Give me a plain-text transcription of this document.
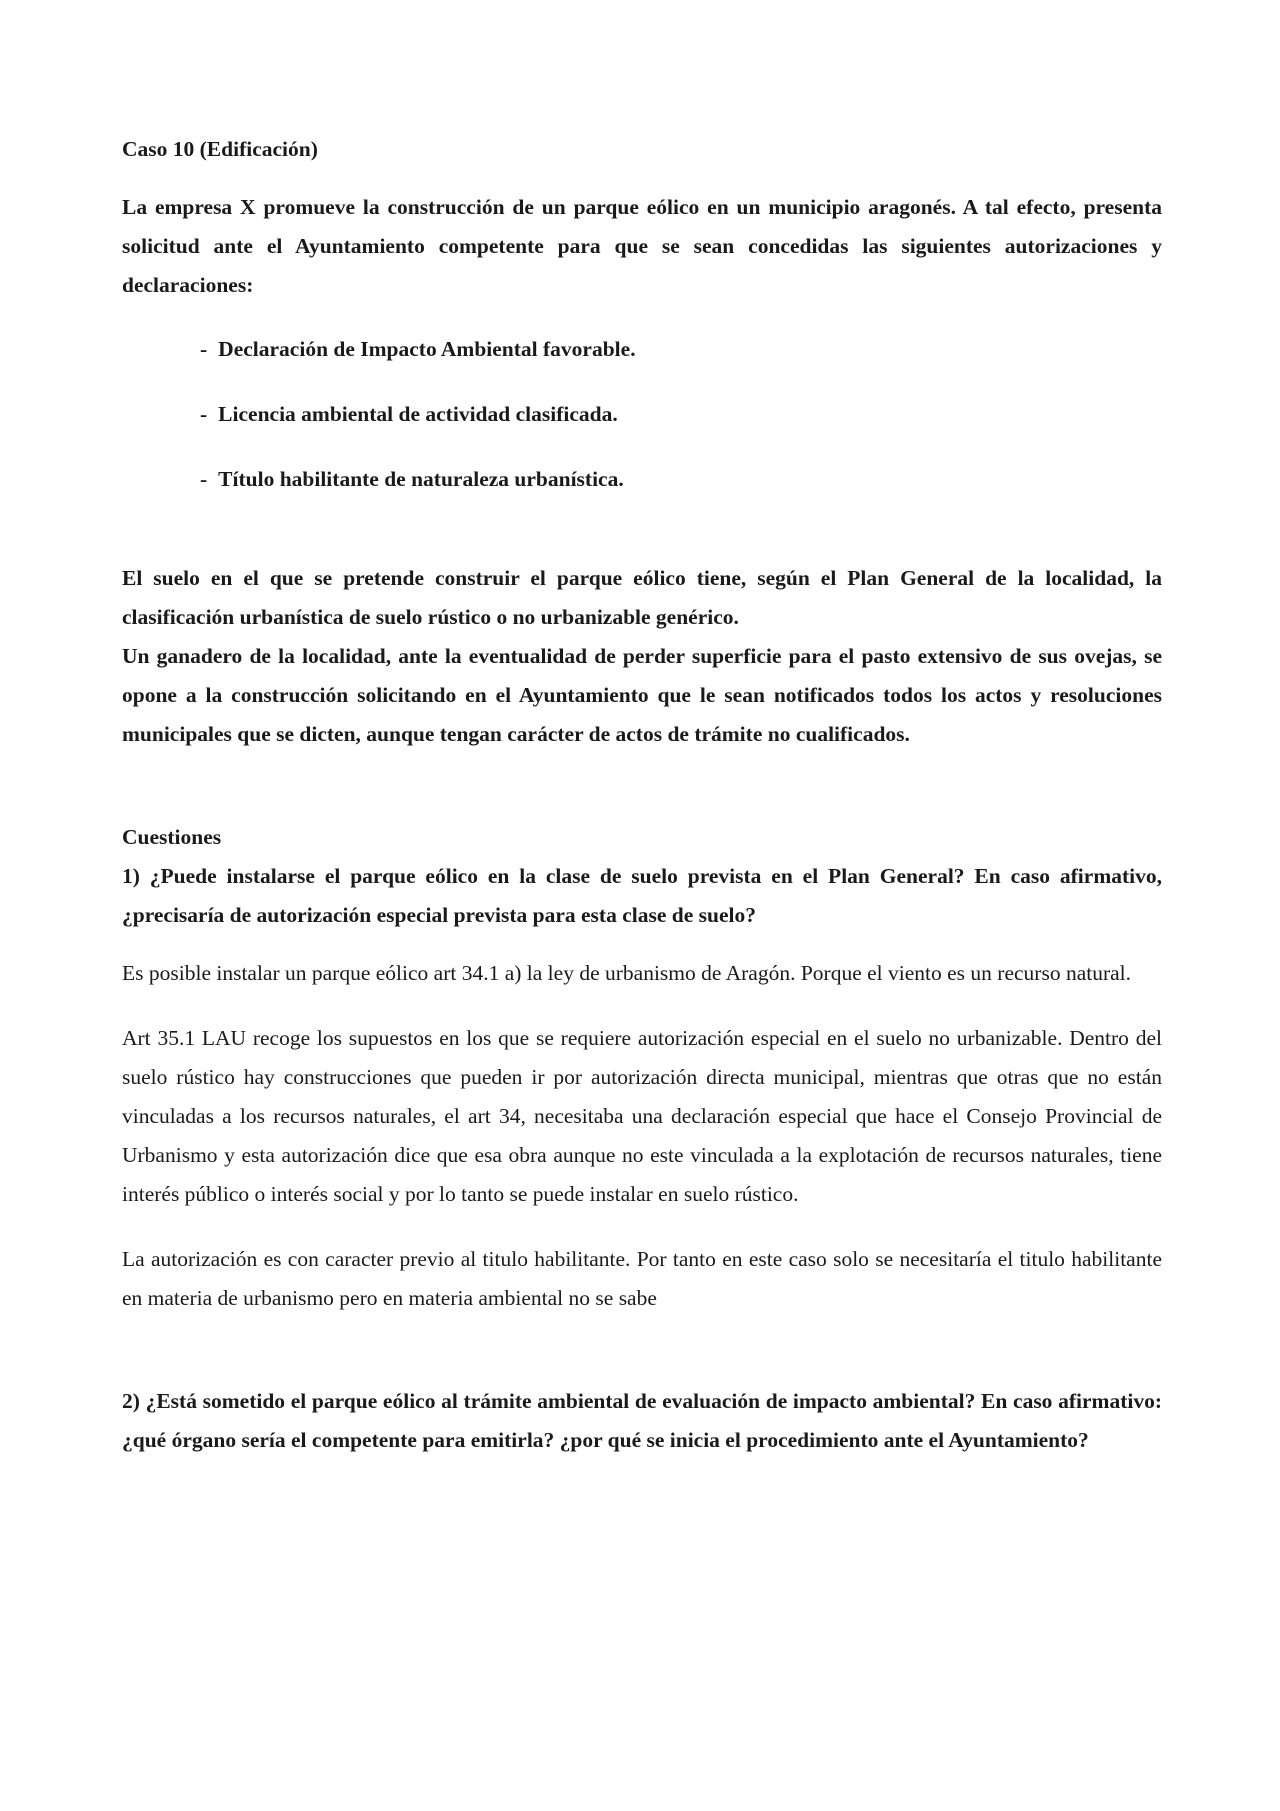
Caso 10 (Edificación)

La empresa X promueve la construcción de un parque eólico en un municipio aragonés. A tal efecto, presenta solicitud ante el Ayuntamiento competente para que se sean concedidas las siguientes autorizaciones y declaraciones:

- Declaración de Impacto Ambiental favorable.
- Licencia ambiental de actividad clasificada.
- Título habilitante de naturaleza urbanística.

El suelo en el que se pretende construir el parque eólico tiene, según el Plan General de la localidad, la clasificación urbanística de suelo rústico o no urbanizable genérico.

Un ganadero de la localidad, ante la eventualidad de perder superficie para el pasto extensivo de sus ovejas, se opone a la construcción solicitando en el Ayuntamiento que le sean notificados todos los actos y resoluciones municipales que se dicten, aunque tengan carácter de actos de trámite no cualificados.

Cuestiones

1) ¿Puede instalarse el parque eólico en la clase de suelo prevista en el Plan General? En caso afirmativo, ¿precisaría de autorización especial prevista para esta clase de suelo?

Es posible instalar un parque eólico art 34.1 a) la ley de urbanismo de Aragón. Porque el viento es un recurso natural.

Art 35.1 LAU recoge los supuestos en los que se requiere autorización especial en el suelo no urbanizable. Dentro del suelo rústico hay construcciones que pueden ir por autorización directa municipal, mientras que otras que no están vinculadas a los recursos naturales, el art 34, necesitaba una declaración especial que hace el Consejo Provincial de Urbanismo y esta autorización dice que esa obra aunque no este vinculada a la explotación de recursos naturales, tiene interés público o interés social y por lo tanto se puede instalar en suelo rústico.

La autorización es con caracter previo al titulo habilitante. Por tanto en este caso solo se necesitaría el titulo habilitante en materia de urbanismo pero en materia ambiental no se sabe

2) ¿Está sometido el parque eólico al trámite ambiental de evaluación de impacto ambiental? En caso afirmativo: ¿qué órgano sería el competente para emitirla? ¿por qué se inicia el procedimiento ante el Ayuntamiento?
